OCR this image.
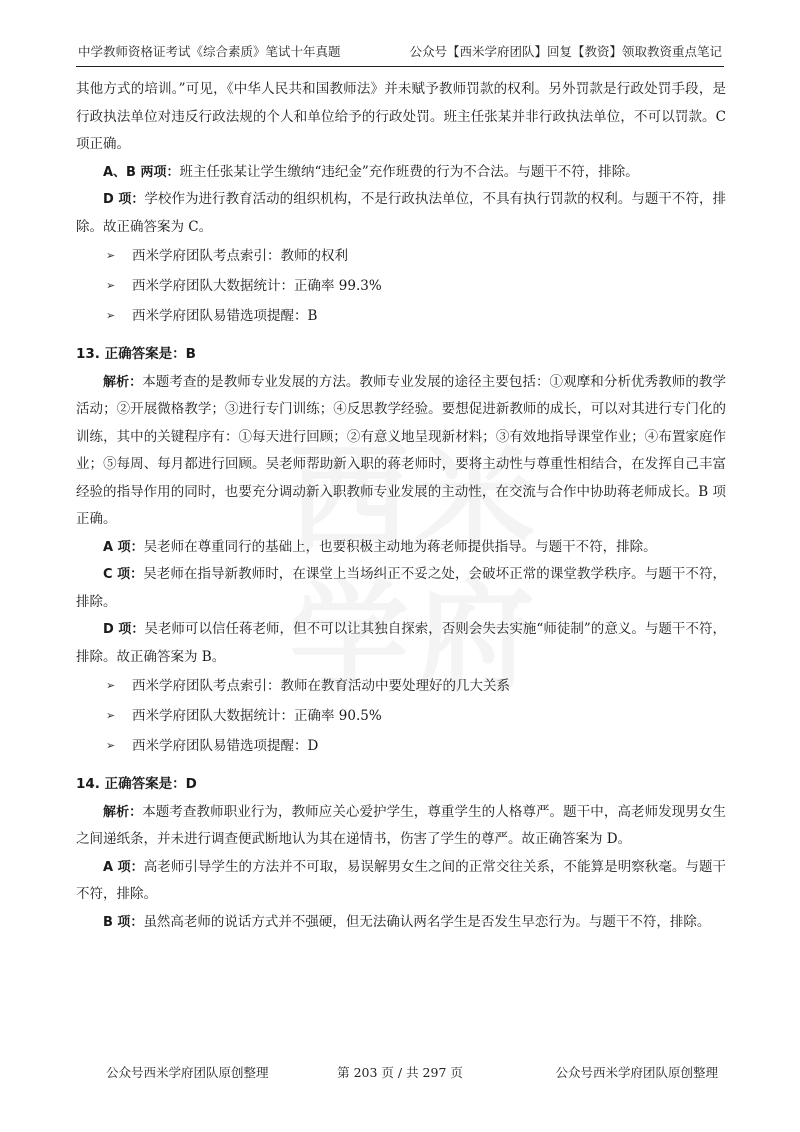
中学教师资格证考试《综合素质》笔试十年真题	公众号【西米学府团队】回复【教资】领取教资重点笔记

其他方式的培训。”可见，《中华人民共和国教师法》并未赋予教师罚款的权利。另外罚款是行政处罚手段，是行政执法单位对违反行政法规的个人和单位给予的行政处罚。班主任张某并非行政执法单位，不可以罚款。C 项正确。

A、B 两项：班主任张某让学生缴纳“违纪金”充作班费的行为不合法。与题干不符，排除。

D 项：学校作为进行教育活动的组织机构，不是行政执法单位，不具有执行罚款的权利。与题干不符，排除。故正确答案为 C。

➢ 西米学府团队考点索引：教师的权利

➢ 西米学府团队大数据统计：正确率 99.3%

➢ 西米学府团队易错选项提醒：B

13. 正确答案是：B

解析：本题考查的是教师专业发展的方法。教师专业发展的途径主要包括：①观摩和分析优秀教师的教学活动；②开展微格教学；③进行专门训练；④反思教学经验。要想促进新教师的成长，可以对其进行专门化的训练，其中的关键程序有：①每天进行回顾；②有意义地呈现新材料；③有效地指导课堂作业；④布置家庭作业；⑤每周、每月都进行回顾。吴老师帮助新入职的蒋老师时，要将主动性与尊重性相结合，在发挥自己丰富经验的指导作用的同时，也要充分调动新入职教师专业发展的主动性，在交流与合作中协助蒋老师成长。B 项正确。

A 项：吴老师在尊重同行的基础上，也要积极主动地为蒋老师提供指导。与题干不符，排除。

C 项：吴老师在指导新教师时，在课堂上当场纠正不妥之处，会破坏正常的课堂教学秩序。与题干不符，排除。

D 项：吴老师可以信任蒋老师，但不可以让其独自探索，否则会失去实施“师徒制”的意义。与题干不符，排除。故正确答案为 B。

➢ 西米学府团队考点索引：教师在教育活动中要处理好的几大关系

➢ 西米学府团队大数据统计：正确率 90.5%

➢ 西米学府团队易错选项提醒：D

14. 正确答案是：D

解析：本题考查教师职业行为，教师应关心爱护学生，尊重学生的人格尊严。题干中，高老师发现男女生之间递纸条，并未进行调查便武断地认为其在递情书，伤害了学生的尊严。故正确答案为 D。

A 项：高老师引导学生的方法并不可取，易误解男女生之间的正常交往关系，不能算是明察秋毫。与题干不符，排除。

B 项：虽然高老师的说话方式并不强硬，但无法确认两名学生是否发生早恋行为。与题干不符，排除。

公众号西米学府团队原创整理	第 203 页 / 共 297 页	公众号西米学府团队原创整理
